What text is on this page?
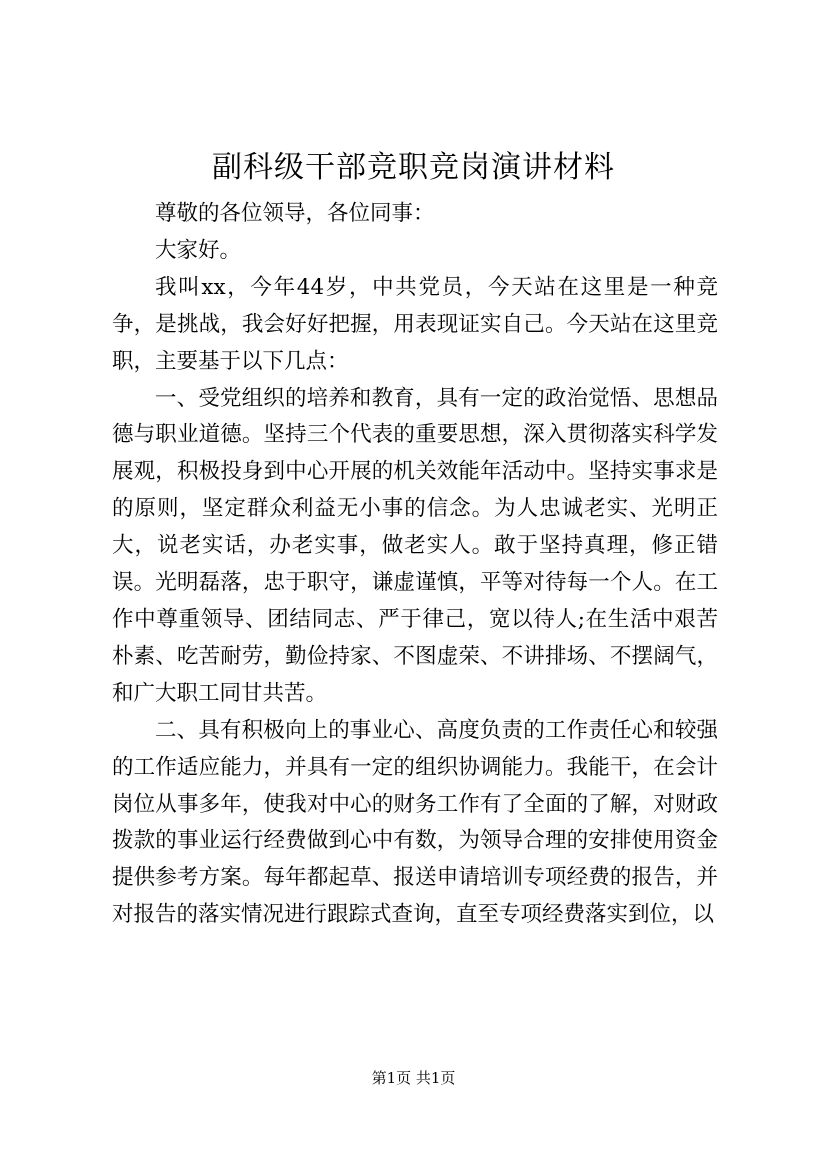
副科级干部竞职竞岗演讲材料

尊敬的各位领导，各位同事：

大家好。

我叫xx，今年44岁，中共党员，今天站在这里是一种竞争，是挑战，我会好好把握，用表现证实自己。今天站在这里竞职，主要基于以下几点：

一、受党组织的培养和教育，具有一定的政治觉悟、思想品德与职业道德。坚持三个代表的重要思想，深入贯彻落实科学发展观，积极投身到中心开展的机关效能年活动中。坚持实事求是的原则，坚定群众利益无小事的信念。为人忠诚老实、光明正大，说老实话，办老实事，做老实人。敢于坚持真理，修正错误。光明磊落，忠于职守，谦虚谨慎，平等对待每一个人。在工作中尊重领导、团结同志、严于律己，宽以待人;在生活中艰苦朴素、吃苦耐劳，勤俭持家、不图虚荣、不讲排场、不摆阔气，和广大职工同甘共苦。

二、具有积极向上的事业心、高度负责的工作责任心和较强的工作适应能力，并具有一定的组织协调能力。我能干，在会计岗位从事多年，使我对中心的财务工作有了全面的了解，对财政拨款的事业运行经费做到心中有数，为领导合理的安排使用资金提供参考方案。每年都起草、报送申请培训专项经费的报告，并对报告的落实情况进行跟踪式查询，直至专项经费落实到位，以

第1页 共1页
